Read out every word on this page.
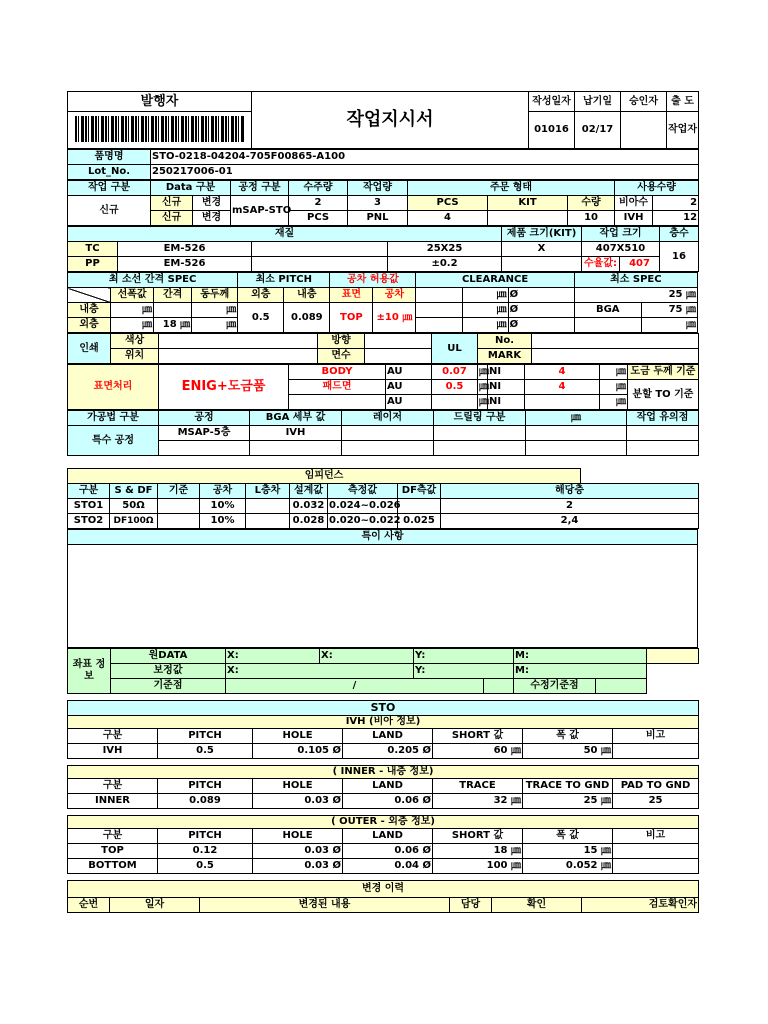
발행자	작업지시서	작성일자	납기일	승인자	출 도
		01016	02/17		작업자
품명명	STO-0218-04204-705F00865-A100
Lot_No.	250217006-01
작업 구분	Data 구분		공정 구분	수주량	작업량	주문 형태			사용수량	
신규	신규	변경	mSAP-STO	2	3	PCS	KIT	수량	비아수	2
	신규	변경		PCS	PNL	4		10	IVH	12
재질				제품 크기(KIT)	작업 크기		층수
TC	EM-526		25X25	X	407X510		16
PP	EM-526		±0.2		수율값:	407	
최 소선 간격 SPEC				최소 PITCH		공차 허용값		CLEARANCE			최소 SPEC	
	선폭값	간격	동두께	외층	내층	표면	공차		㎛	Ø	25 ㎛	
내층	㎛		㎛	0.5	0.089	TOP	±10 ㎛		㎛	Ø	BGA	75 ㎛
외층	㎛	18 ㎛	㎛						㎛	Ø		㎛
인쇄	색상		방향		UL	No.	
	위치		면수			MARK	
표면처리	ENIG+도금품	BODY	AU	0.07	㎛	NI	4	㎛	도금 두께 기준
		패드면	AU	0.5	㎛	NI	4	㎛	분할 TO 기준
			AU		㎛	NI		㎛	
가공법 구분	공정	BGA 세부 값	레이저	드릴링 구분	㎛	작업 유의점
특수 공정	MSAP-5층	IVH				

임피던스									
구분	S & DF	기준	공차	L층차	설계값	측정값	DF측값	해당층	
STO1	50Ω		10%		0.032	0.024~0.026		2	
STO2	DF100Ω		10%		0.028	0.020~0.022	0.025	2,4	
특이 사항

좌표 정보	원DATA	X:	X:	Y:		M:		
	보정값	X:		Y:		M:		
	기준점	/				수정기준점		
STO						
IVH (비아 정보)						
구분	PITCH	HOLE	LAND	SHORT 값	폭 값	비고
IVH	0.5	0.105 Ø	0.205 Ø	60 ㎛	50 ㎛	
( INNER - 내층 정보)						
구분	PITCH	HOLE	LAND	TRACE	TRACE TO GND	PAD TO GND
INNER	0.089	0.03 Ø	0.06 Ø	32 ㎛	25 ㎛	25
( OUTER - 외층 정보)						
구분	PITCH	HOLE	LAND	SHORT 값	폭 값	비고
TOP	0.12	0.03 Ø	0.06 Ø	18 ㎛	15 ㎛	
BOTTOM	0.5	0.03 Ø	0.04 Ø	100 ㎛	0.052 ㎛	
변경 이력
순번	일자	변경된 내용	담당	확인	검토확인자
